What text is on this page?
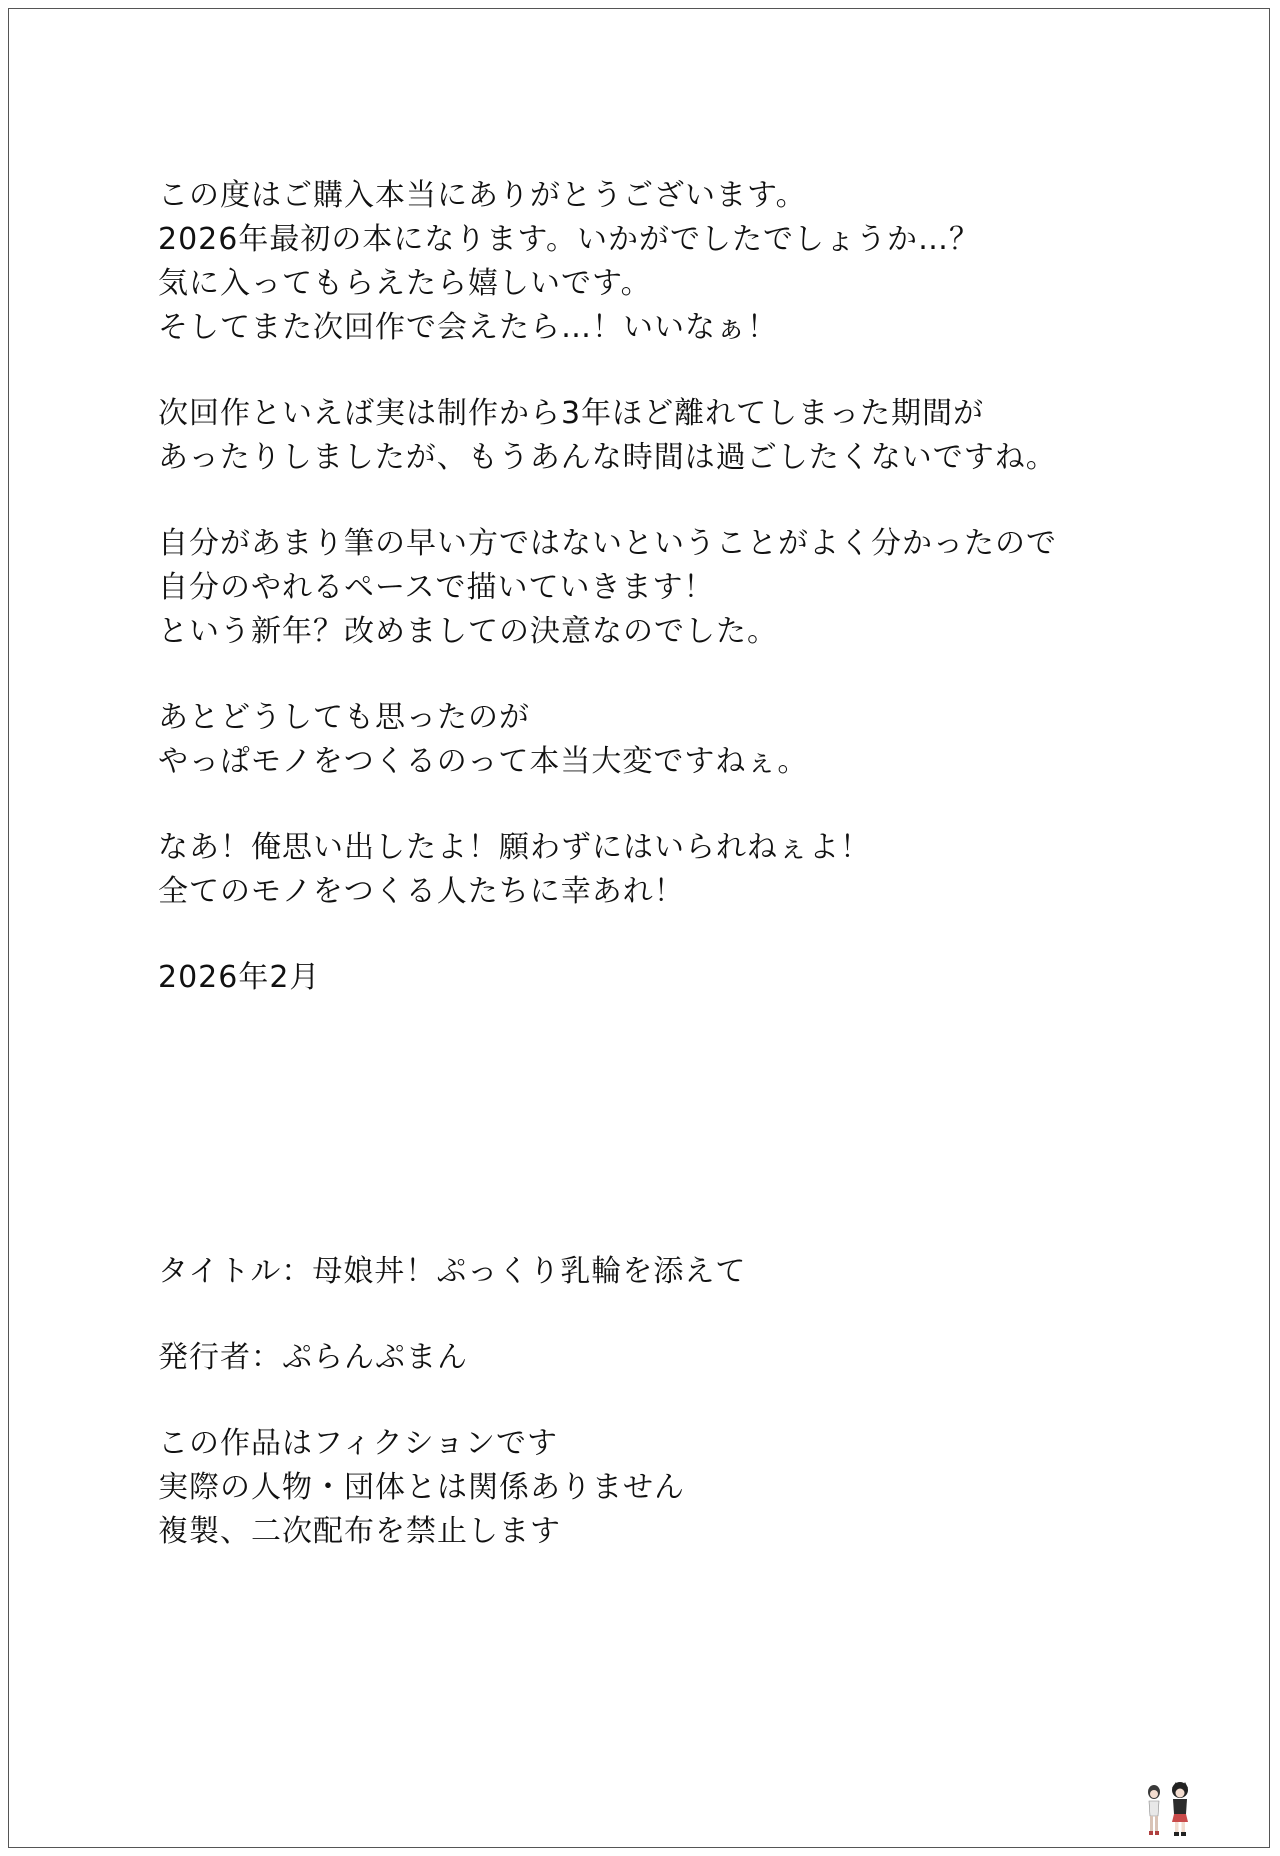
この度はご購入本当にありがとうございます。
2026年最初の本になります。いかがでしたでしょうか…？
気に入ってもらえたら嬉しいです。
そしてまた次回作で会えたら…！いいなぁ！
次回作といえば実は制作から3年ほど離れてしまった期間が
あったりしましたが、もうあんな時間は過ごしたくないですね。
自分があまり筆の早い方ではないということがよく分かったので
自分のやれるペースで描いていきます！
という新年？改めましての決意なのでした。
あとどうしても思ったのが
やっぱモノをつくるのって本当大変ですねぇ。
なあ！俺思い出したよ！願わずにはいられねぇよ！
全てのモノをつくる人たちに幸あれ！
2026年2月
タイトル：母娘丼！ぷっくり乳輪を添えて
発行者：ぷらんぷまん
この作品はフィクションです
実際の人物・団体とは関係ありません
複製、二次配布を禁止します
